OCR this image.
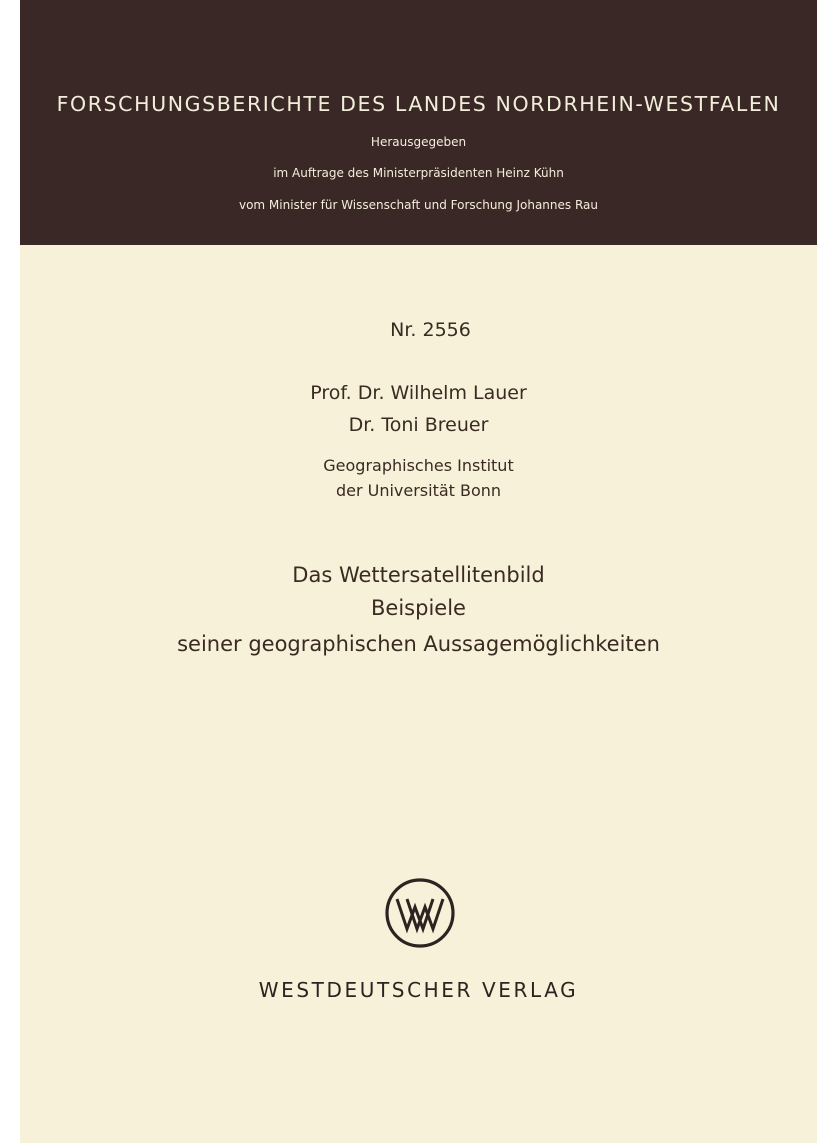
FORSCHUNGSBERICHTE DES LANDES NORDRHEIN-WESTFALEN
Herausgegeben
im Auftrage des Ministerpräsidenten Heinz Kühn
vom Minister für Wissenschaft und Forschung Johannes Rau
Nr. 2556
Prof. Dr. Wilhelm Lauer
Dr. Toni Breuer
Geographisches Institut
der Universität Bonn
Das Wettersatellitenbild
Beispiele
seiner geographischen Aussagemöglichkeiten
WESTDEUTSCHER VERLAG
